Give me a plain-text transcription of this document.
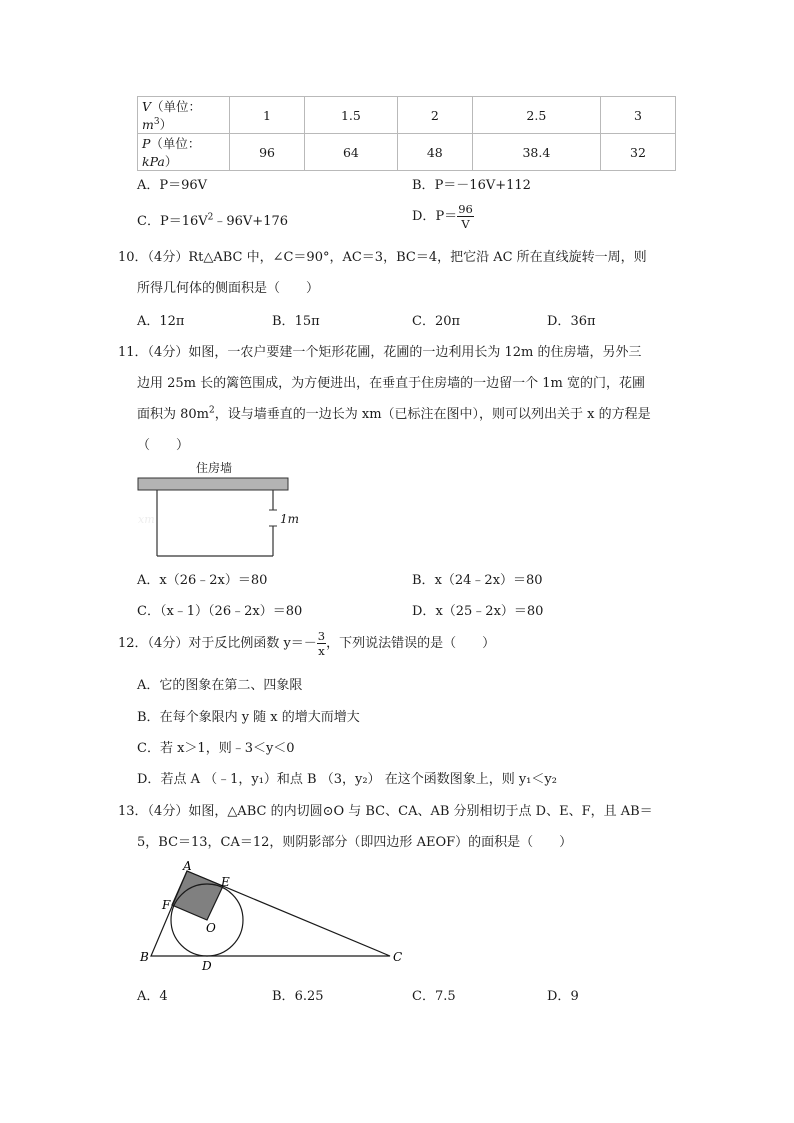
V（单位：$m^3$）	1	1.5	2	2.5	3
P（单位：kPa）	96	64	48	38.4	32
A．P＝96V	B．P＝－16V+112
C．$P=16V^2﹣96V+176$	D．$P= \frac{96}{V}$
10．（4分）Rt△ABC 中，∠C＝90°，AC＝3，BC＝4，把它沿 AC 所在直线旋转一周，则
所得几何体的侧面积是（　　）
A．12π	B．15π	C．20π	D．36π
11．（4分）如图，一农户要建一个矩形花圃，花圃的一边利用长为 12m 的住房墙，另外三
边用 25m 长的篱笆围成，为方便进出，在垂直于住房墙的一边留一个 1m 宽的门，花圃
面积为 $80m^2$，设与墙垂直的一边长为 xm（已标注在图中），则可以列出关于 x 的方程是
（　　）
住房墙
1m
xm
A．x（26﹣2x）＝80	B．x（24﹣2x）＝80
C．（x﹣1）（26﹣2x）＝80	D．x（25﹣2x）＝80
12．（4分）对于反比例函数 $y=- \frac{3}{x}$ ，下列说法错误的是（　　）
A．它的图象在第二、四象限
B．在每个象限内 y 随 x 的增大而增大
C．若 x＞1，则﹣3＜y＜0
D．若点 A （﹣1，y₁）和点 B （3，y₂） 在这个函数图象上，则 y₁＜y₂
13．（4分）如图，△ABC 的内切圆⊙O 与 BC、CA、AB 分别相切于点 D、E、F，且 AB＝
5，BC＝13，CA＝12，则阴影部分（即四边形 AEOF）的面积是（　　）
A
E
F
O
B
D
C
A．4	B．6.25	C．7.5	D．9
